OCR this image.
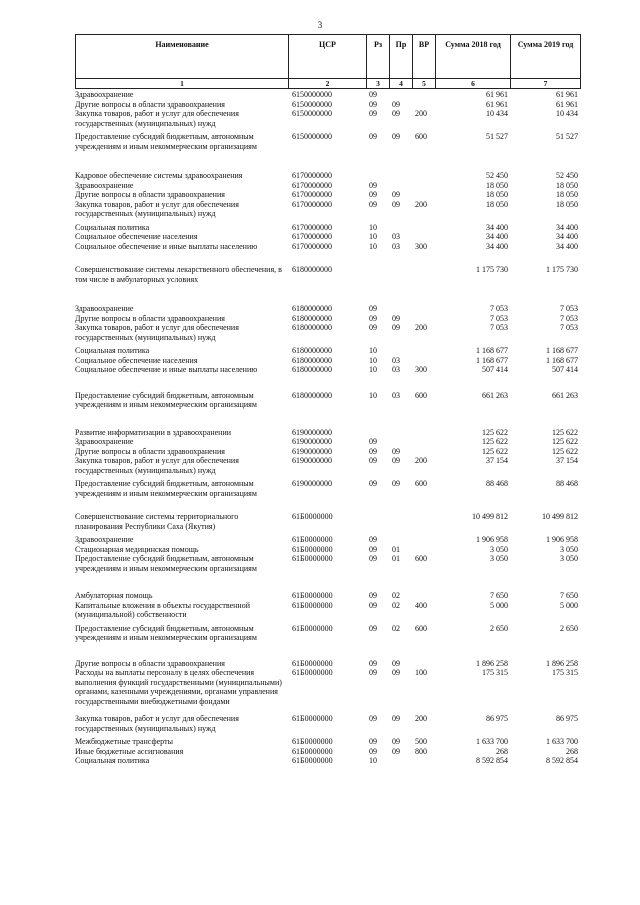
3
Наименование	ЦСР	Рз	Пр	ВР	Сумма 2018 год	Сумма 2019 год
1	2	3	4	5	6	7
Здравоохранение	6150000000	09			61 961	61 961
Другие вопросы в области здравоохранения	6150000000	09	09		61 961	61 961
Закупка товаров, работ и услуг для обеспечения государственных (муниципальных) нужд	6150000000	09	09	200	10 434	10 434
Предоставление субсидий бюджетным, автономным учреждениям и иным некоммерческим организациям	6150000000	09	09	600	51 527	51 527
Кадровое обеспечение системы здравоохранения	6170000000				52 450	52 450
Здравоохранение	6170000000	09			18 050	18 050
Другие вопросы в области здравоохранения	6170000000	09	09		18 050	18 050
Закупка товаров, работ и услуг для обеспечения государственных (муниципальных) нужд	6170000000	09	09	200	18 050	18 050
Социальная политика	6170000000	10			34 400	34 400
Социальное обеспечение населения	6170000000	10	03		34 400	34 400
Социальное обеспечение и иные выплаты населению	6170000000	10	03	300	34 400	34 400
Совершенствование системы лекарственного обеспечения, в том числе в амбулаторных условиях	6180000000				1 175 730	1 175 730
Здравоохранение	6180000000	09			7 053	7 053
Другие вопросы в области здравоохранения	6180000000	09	09		7 053	7 053
Закупка товаров, работ и услуг для обеспечения государственных (муниципальных) нужд	6180000000	09	09	200	7 053	7 053
Социальная политика	6180000000	10			1 168 677	1 168 677
Социальное обеспечение населения	6180000000	10	03		1 168 677	1 168 677
Социальное обеспечение и иные выплаты населению	6180000000	10	03	300	507 414	507 414
Предоставление субсидий бюджетным, автономным учреждениям и иным некоммерческим организациям	6180000000	10	03	600	661 263	661 263
Развитие информатизации в здравоохранении	6190000000				125 622	125 622
Здравоохранение	6190000000	09			125 622	125 622
Другие вопросы в области здравоохранения	6190000000	09	09		125 622	125 622
Закупка товаров, работ и услуг для обеспечения государственных (муниципальных) нужд	6190000000	09	09	200	37 154	37 154
Предоставление субсидий бюджетным, автономным учреждениям и иным некоммерческим организациям	6190000000	09	09	600	88 468	88 468
Совершенствование системы территориального планирования Республики Саха (Якутия)	61Б0000000				10 499 812	10 499 812
Здравоохранение	61Б0000000	09			1 906 958	1 906 958
Стационарная медицинская помощь	61Б0000000	09	01		3 050	3 050
Предоставление субсидий бюджетным, автономным учреждениям и иным некоммерческим организациям	61Б0000000	09	01	600	3 050	3 050
Амбулаторная помощь	61Б0000000	09	02		7 650	7 650
Капитальные вложения в объекты государственной (муниципальной) собственности	61Б0000000	09	02	400	5 000	5 000
Предоставление субсидий бюджетным, автономным учреждениям и иным некоммерческим организациям	61Б0000000	09	02	600	2 650	2 650
Другие вопросы в области здравоохранения	61Б0000000	09	09		1 896 258	1 896 258
Расходы на выплаты персоналу в целях обеспечения выполнения функций государственными (муниципальными) органами, казенными учреждениями, органами управления государственными внебюджетными фондами	61Б0000000	09	09	100	175 315	175 315
Закупка товаров, работ и услуг для обеспечения государственных (муниципальных) нужд	61Б0000000	09	09	200	86 975	86 975
Межбюджетные трансферты	61Б0000000	09	09	500	1 633 700	1 633 700
Иные бюджетные ассигнования	61Б0000000	09	09	800	268	268
Социальная политика	61Б0000000	10			8 592 854	8 592 854
